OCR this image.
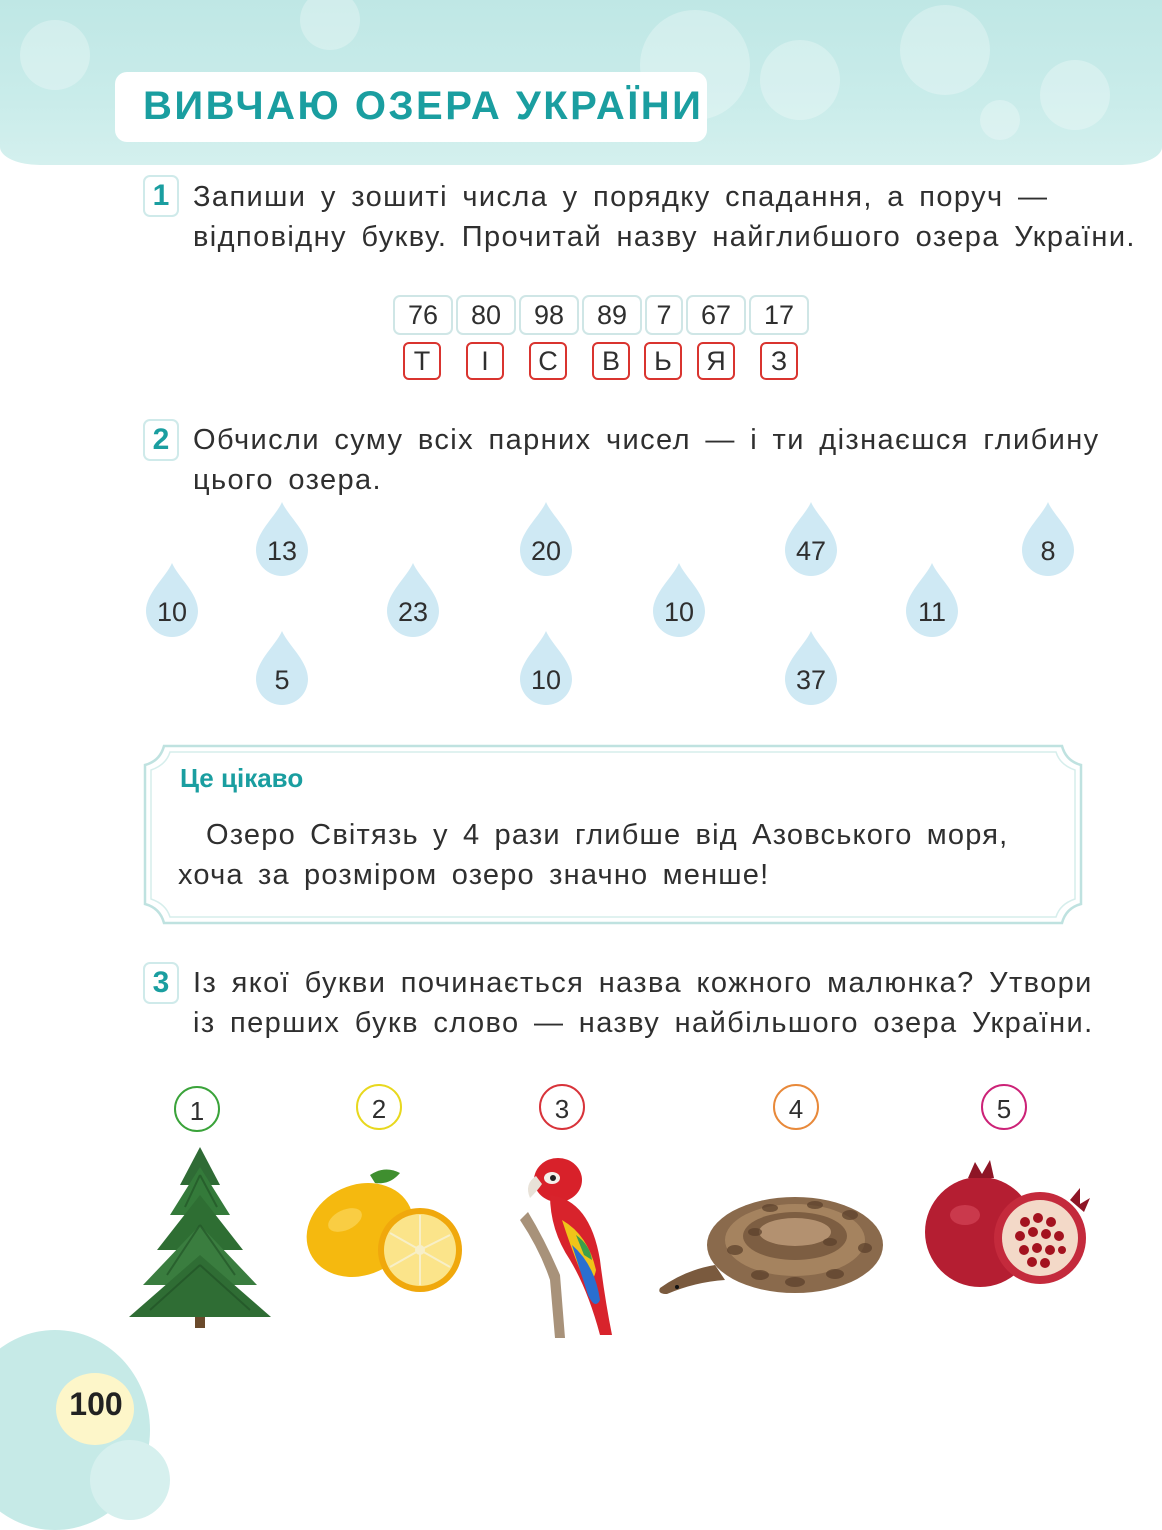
ВИВЧАЮ ОЗЕРА УКРАЇНИ
1 Запиши у зошиті числа у порядку спадання, а поруч —
відповідну букву. Прочитай назву найглибшого озера України.
76	80	98	89	7	67	17
Т	І	С	В	Ь	Я	З
2 Обчисли суму всіх парних чисел — і ти дізнаєшся глибину
цього озера.
13	20	47	8
10	23	10	11
5	10	37
Це цікаво
Озеро Світязь у 4 рази глибше від Азовського моря,
хоча за розміром озеро значно менше!
3 Із якої букви починається назва кожного малюнка? Утвори
із перших букв слово — назву найбільшого озера України.
1	2	3	4	5
100
